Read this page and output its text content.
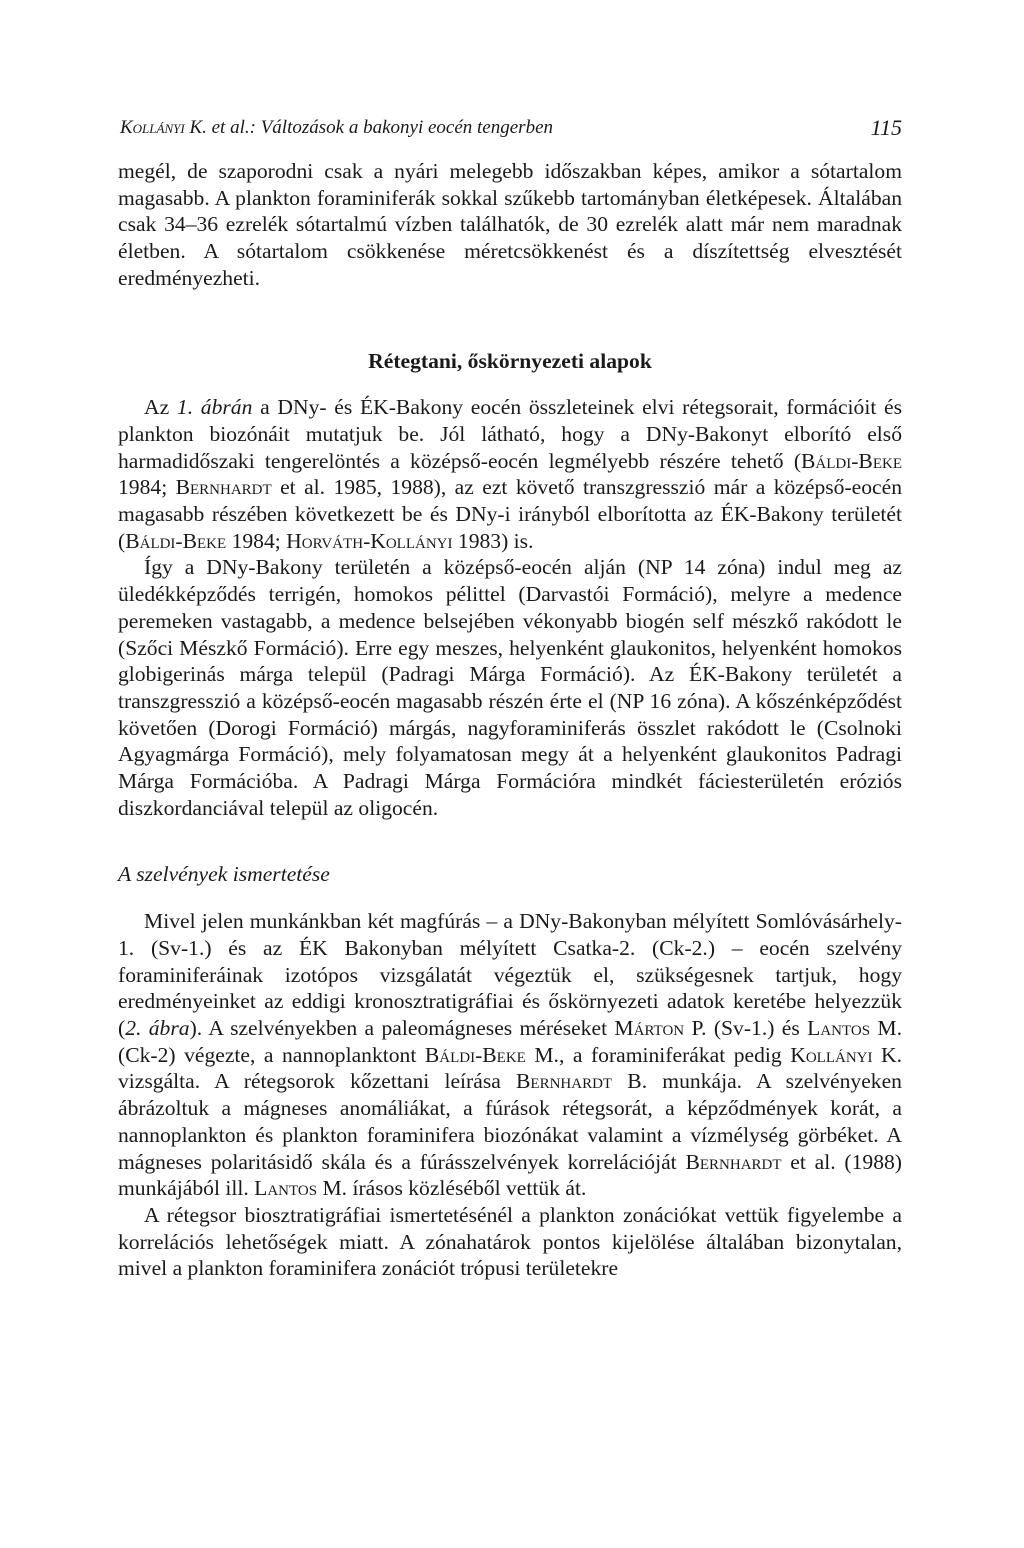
Kollányi K. et al.: Változások a bakonyi eocén tengerben	115

megél, de szaporodni csak a nyári melegebb időszakban képes, amikor a sótartalom magasabb. A plankton foraminiferák sokkal szűkebb tartományban életképesek. Általában csak 34–36 ezrelék sótartalmú vízben találhatók, de 30 ezrelék alatt már nem maradnak életben. A sótartalom csökkenése méretcsökkenést és a díszítettség elvesztését eredményezheti.

Rétegtani, őskörnyezeti alapok

Az 1. ábrán a DNy- és ÉK-Bakony eocén összleteinek elvi rétegsorait, formációit és plankton biozónáit mutatjuk be. Jól látható, hogy a DNy-Bakonyt elborító első harmadidőszaki tengerelöntés a középső-eocén legmélyebb részére tehető (Báldi-Beke 1984; Bernhardt et al. 1985, 1988), az ezt követő transzgresszió már a középső-eocén magasabb részében következett be és DNy-i irányból elborította az ÉK-Bakony területét (Báldi-Beke 1984; Horváth-Kollányi 1983) is.

Így a DNy-Bakony területén a középső-eocén alján (NP 14 zóna) indul meg az üledékképződés terrigén, homokos pélittel (Darvastói Formáció), melyre a medence peremeken vastagabb, a medence belsejében vékonyabb biogén self mészkő rakódott le (Szőci Mészkő Formáció). Erre egy meszes, helyenként glaukonitos, helyenként homokos globigerinás márga települ (Padragi Márga Formáció). Az ÉK-Bakony területét a transzgresszió a középső-eocén magasabb részén érte el (NP 16 zóna). A kőszénképződést követően (Dorogi Formáció) márgás, nagyforaminiferás összlet rakódott le (Csolnoki Agyagmárga Formáció), mely folyamatosan megy át a helyenként glaukonitos Padragi Márga Formációba. A Padragi Márga Formációra mindkét fáciesterületén eróziós diszkordanciával települ az oligocén.

A szelvények ismertetése

Mivel jelen munkánkban két magfúrás – a DNy-Bakonyban mélyített Somlóvásárhely-1. (Sv-1.) és az ÉK Bakonyban mélyített Csatka-2. (Ck-2.) – eocén szelvény foraminiferáinak izotópos vizsgálatát végeztük el, szükségesnek tartjuk, hogy eredményeinket az eddigi kronosztratigráfiai és őskörnyezeti adatok keretébe helyezzük (2. ábra). A szelvényekben a paleomágneses méréseket Márton P. (Sv-1.) és Lantos M. (Ck-2) végezte, a nannoplanktont Báldi-Beke M., a foraminiferákat pedig Kollányi K. vizsgálta. A rétegsorok kőzettani leírása Bernhardt B. munkája. A szelvényeken ábrázoltuk a mágneses anomáliákat, a fúrások rétegsorát, a képződmények korát, a nannoplankton és plankton foraminifera biozónákat valamint a vízmélység görbéket. A mágneses polaritásidő skála és a fúrásszelvények korrelációját Bernhardt et al. (1988) munkájából ill. Lantos M. írásos közléséből vettük át.

A rétegsor biosztratigráfiai ismertetésénél a plankton zonációkat vettük figyelembe a korrelációs lehetőségek miatt. A zónahatárok pontos kijelölése általában bizonytalan, mivel a plankton foraminifera zonációt trópusi területekre
